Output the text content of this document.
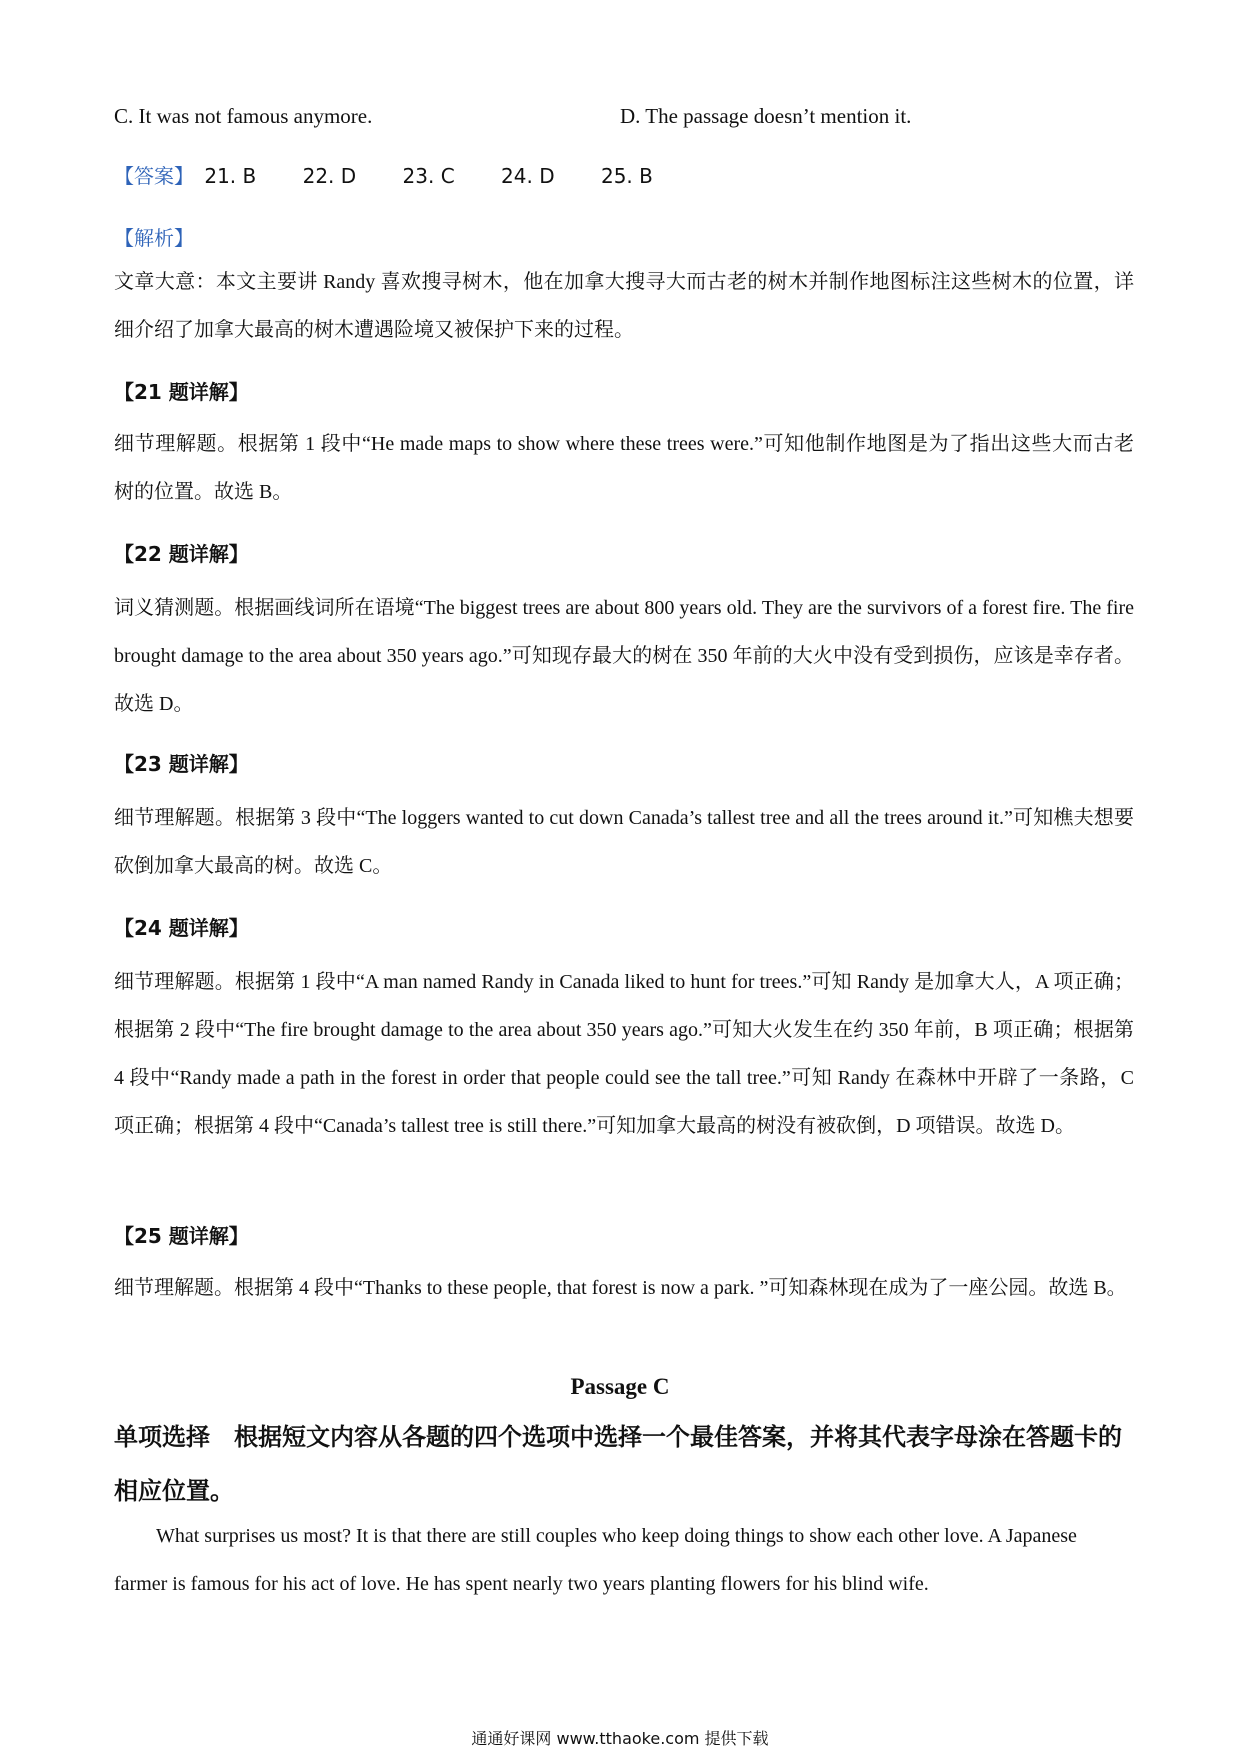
C. It was not famous anymore.	D. The passage doesn’t mention it.
【答案】 21. B 22. D 23. C 24. D 25. B
【解析】
文章大意：本文主要讲 Randy 喜欢搜寻树木，他在加拿大搜寻大而古老的树木并制作地图标注这些树木的位置，详细介绍了加拿大最高的树木遭遇险境又被保护下来的过程。
【21 题详解】
细节理解题。根据第 1 段中“He made maps to show where these trees were.”可知他制作地图是为了指出这些大而古老　树的位置。故选 B。
【22 题详解】
词义猜测题。根据画线词所在语境“The biggest trees are about 800 years old. They are the survivors of a forest fire. The fire brought damage to the area about 350 years ago.”可知现存最大的树在 350 年前的大火中没有受到损伤，应该是幸存者。故选 D。
【23 题详解】
细节理解题。根据第 3 段中“The loggers wanted to cut down Canada’s tallest tree and all the trees around it.”可知樵夫想要砍倒加拿大最高的树。故选 C。
【24 题详解】
细节理解题。根据第 1 段中“A man named Randy in Canada liked to hunt for trees.”可知 Randy 是加拿大人，A 项正确；根据第 2 段中“The fire brought damage to the area about 350 years ago.”可知大火发生在约 350 年前，B 项正确；根据第 4 段中“Randy made a path in the forest in order that people could see the tall tree.”可知 Randy 在森林中开辟了一条路，C 项正确；根据第 4 段中“Canada’s tallest tree is still there.”可知加拿大最高的树没有被砍倒，D 项错误。故选 D。
【25 题详解】
细节理解题。根据第 4 段中“Thanks to these people, that forest is now a park. ”可知森林现在成为了一座公园。故选 B。
Passage C
单项选择　根据短文内容从各题的四个选项中选择一个最佳答案，并将其代表字母涂在答题卡的相应位置。
What surprises us most? It is that there are still couples who keep doing things to show each other love. A Japanese farmer is famous for his act of love. He has spent nearly two years planting flowers for his blind wife.
通通好课网 www.tthaoke.com 提供下载
